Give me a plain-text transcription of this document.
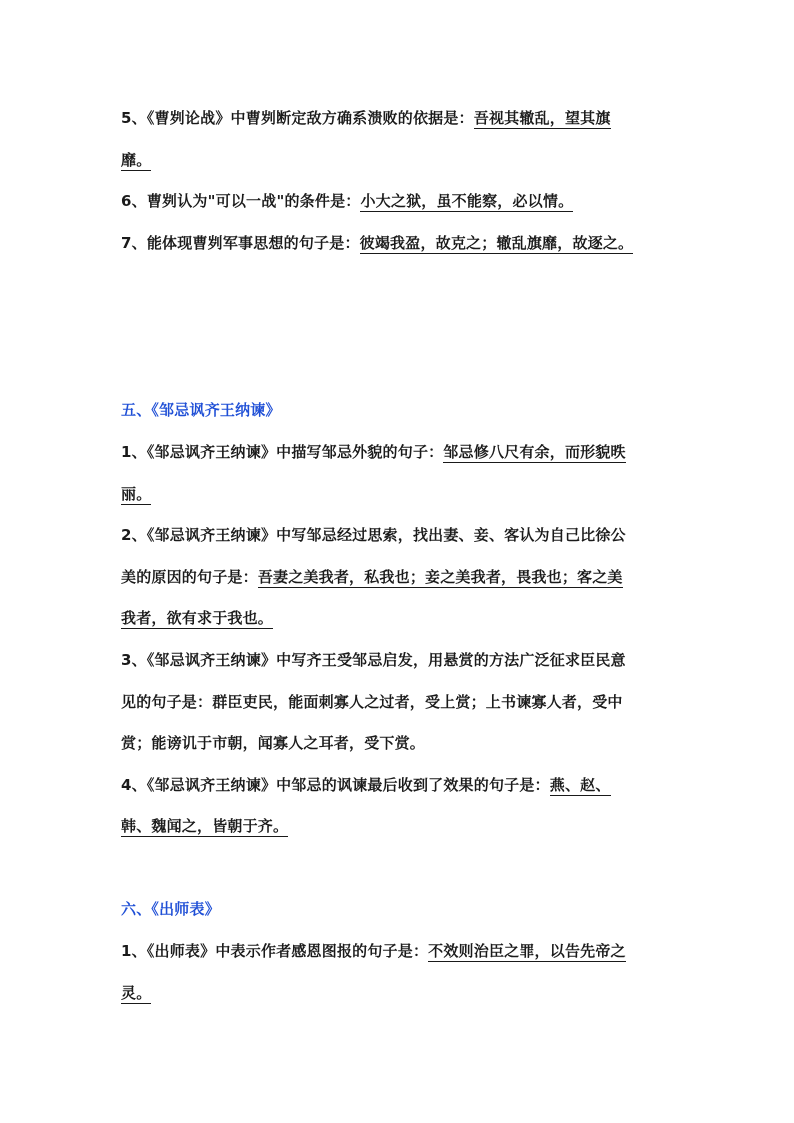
5、《曹刿论战》中曹刿断定敌方确系溃败的依据是：吾视其辙乱，望其旗
靡。
6、曹刿认为"可以一战"的条件是：小大之狱，虽不能察，必以情。
7、能体现曹刿军事思想的句子是：彼竭我盈，故克之；辙乱旗靡，故逐之。
五、《邹忌讽齐王纳谏》
1、《邹忌讽齐王纳谏》中描写邹忌外貌的句子：邹忌修八尺有余，而形貌昳
丽。
2、《邹忌讽齐王纳谏》中写邹忌经过思索，找出妻、妾、客认为自己比徐公
美的原因的句子是：吾妻之美我者，私我也；妾之美我者，畏我也；客之美
我者，欲有求于我也。
3、《邹忌讽齐王纳谏》中写齐王受邹忌启发，用悬赏的方法广泛征求臣民意
见的句子是：群臣吏民，能面刺寡人之过者，受上赏；上书谏寡人者，受中
赏；能谤讥于市朝，闻寡人之耳者，受下赏。
4、《邹忌讽齐王纳谏》中邹忌的讽谏最后收到了效果的句子是：燕、赵、
韩、魏闻之，皆朝于齐。
六、《出师表》
1、《出师表》中表示作者感恩图报的句子是：不效则治臣之罪，以告先帝之
灵。
